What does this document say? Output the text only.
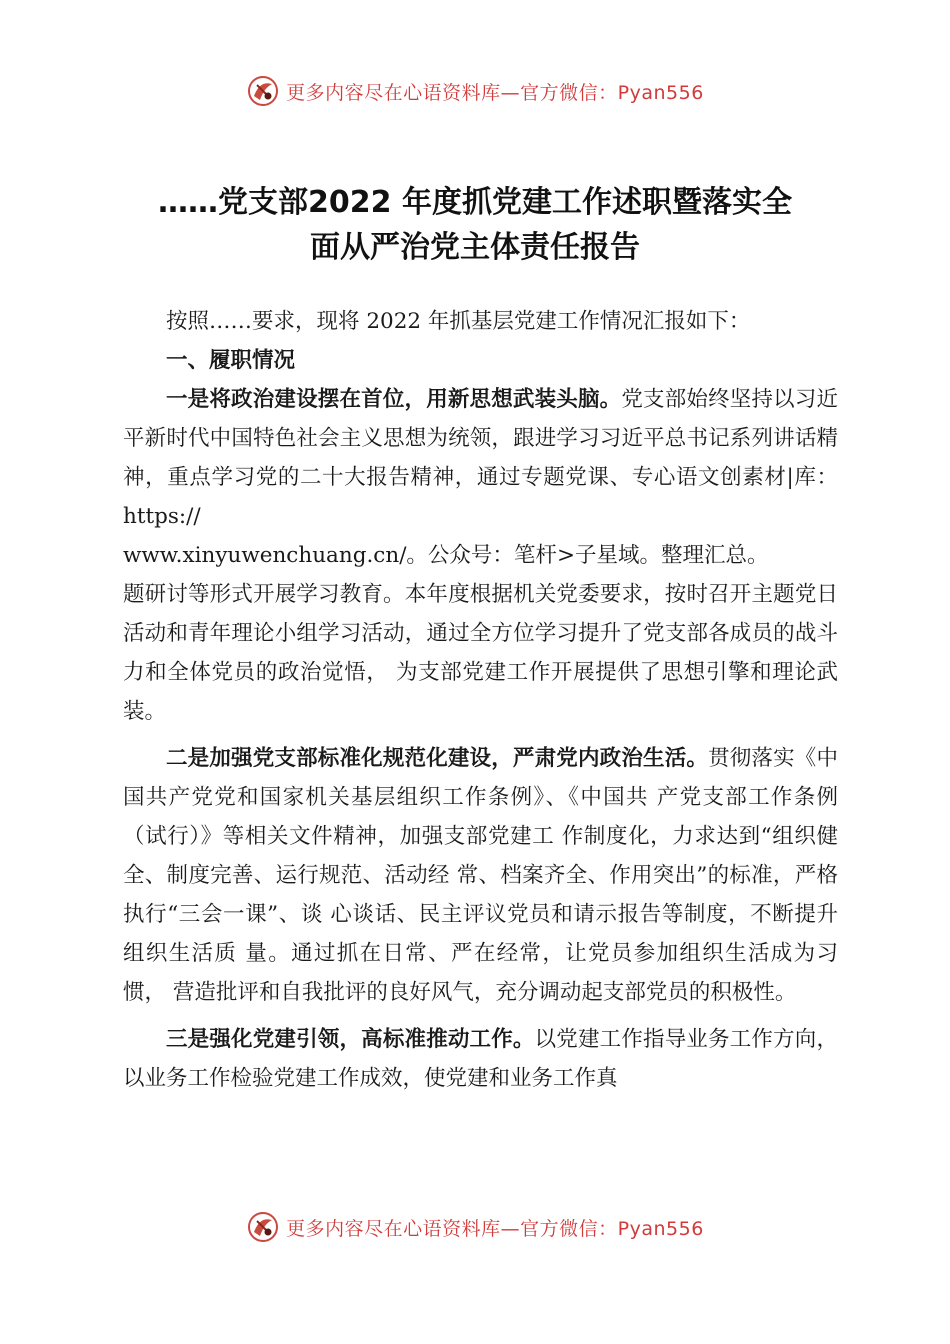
更多内容尽在心语资料库—官方微信：Pyan556
……党支部2022 年度抓党建工作述职暨落实全
面从严治党主体责任报告

按照……要求，现将 2022 年抓基层党建工作情况汇报如下：

一、履职情况

一是将政治建设摆在首位，用新思想武装头脑。党支部始终坚持以习近平新时代中国特色社会主义思想为统领，跟进学习习近平总书记系列讲话精神，重点学习党的二十大报告精神，通过专题党课、专心语文创素材|库：https://

www.xinyuwenchuang.cn/。公众号：笔杆>子星域。整理汇总。

题研讨等形式开展学习教育。本年度根据机关党委要求，按时召开主题党日活动和青年理论小组学习活动，通过全方位学习提升了党支部各成员的战斗力和全体党员的政治觉悟， 为支部党建工作开展提供了思想引擎和理论武装。

二是加强党支部标准化规范化建设，严肃党内政治生活。贯彻落实《中国共产党党和国家机关基层组织工作条例》、《中国共 产党支部工作条例（试行）》等相关文件精神，加强支部党建工 作制度化，力求达到“组织健全、制度完善、运行规范、活动经 常、档案齐全、作用突出”的标准，严格执行“三会一课”、谈 心谈话、民主评议党员和请示报告等制度，不断提升组织生活质 量。通过抓在日常、严在经常，让党员参加组织生活成为习惯， 营造批评和自我批评的良好风气，充分调动起支部党员的积极性。

三是强化党建引领，高标准推动工作。以党建工作指导业务工作方向，以业务工作检验党建工作成效，使党建和业务工作真

更多内容尽在心语资料库—官方微信：Pyan556
